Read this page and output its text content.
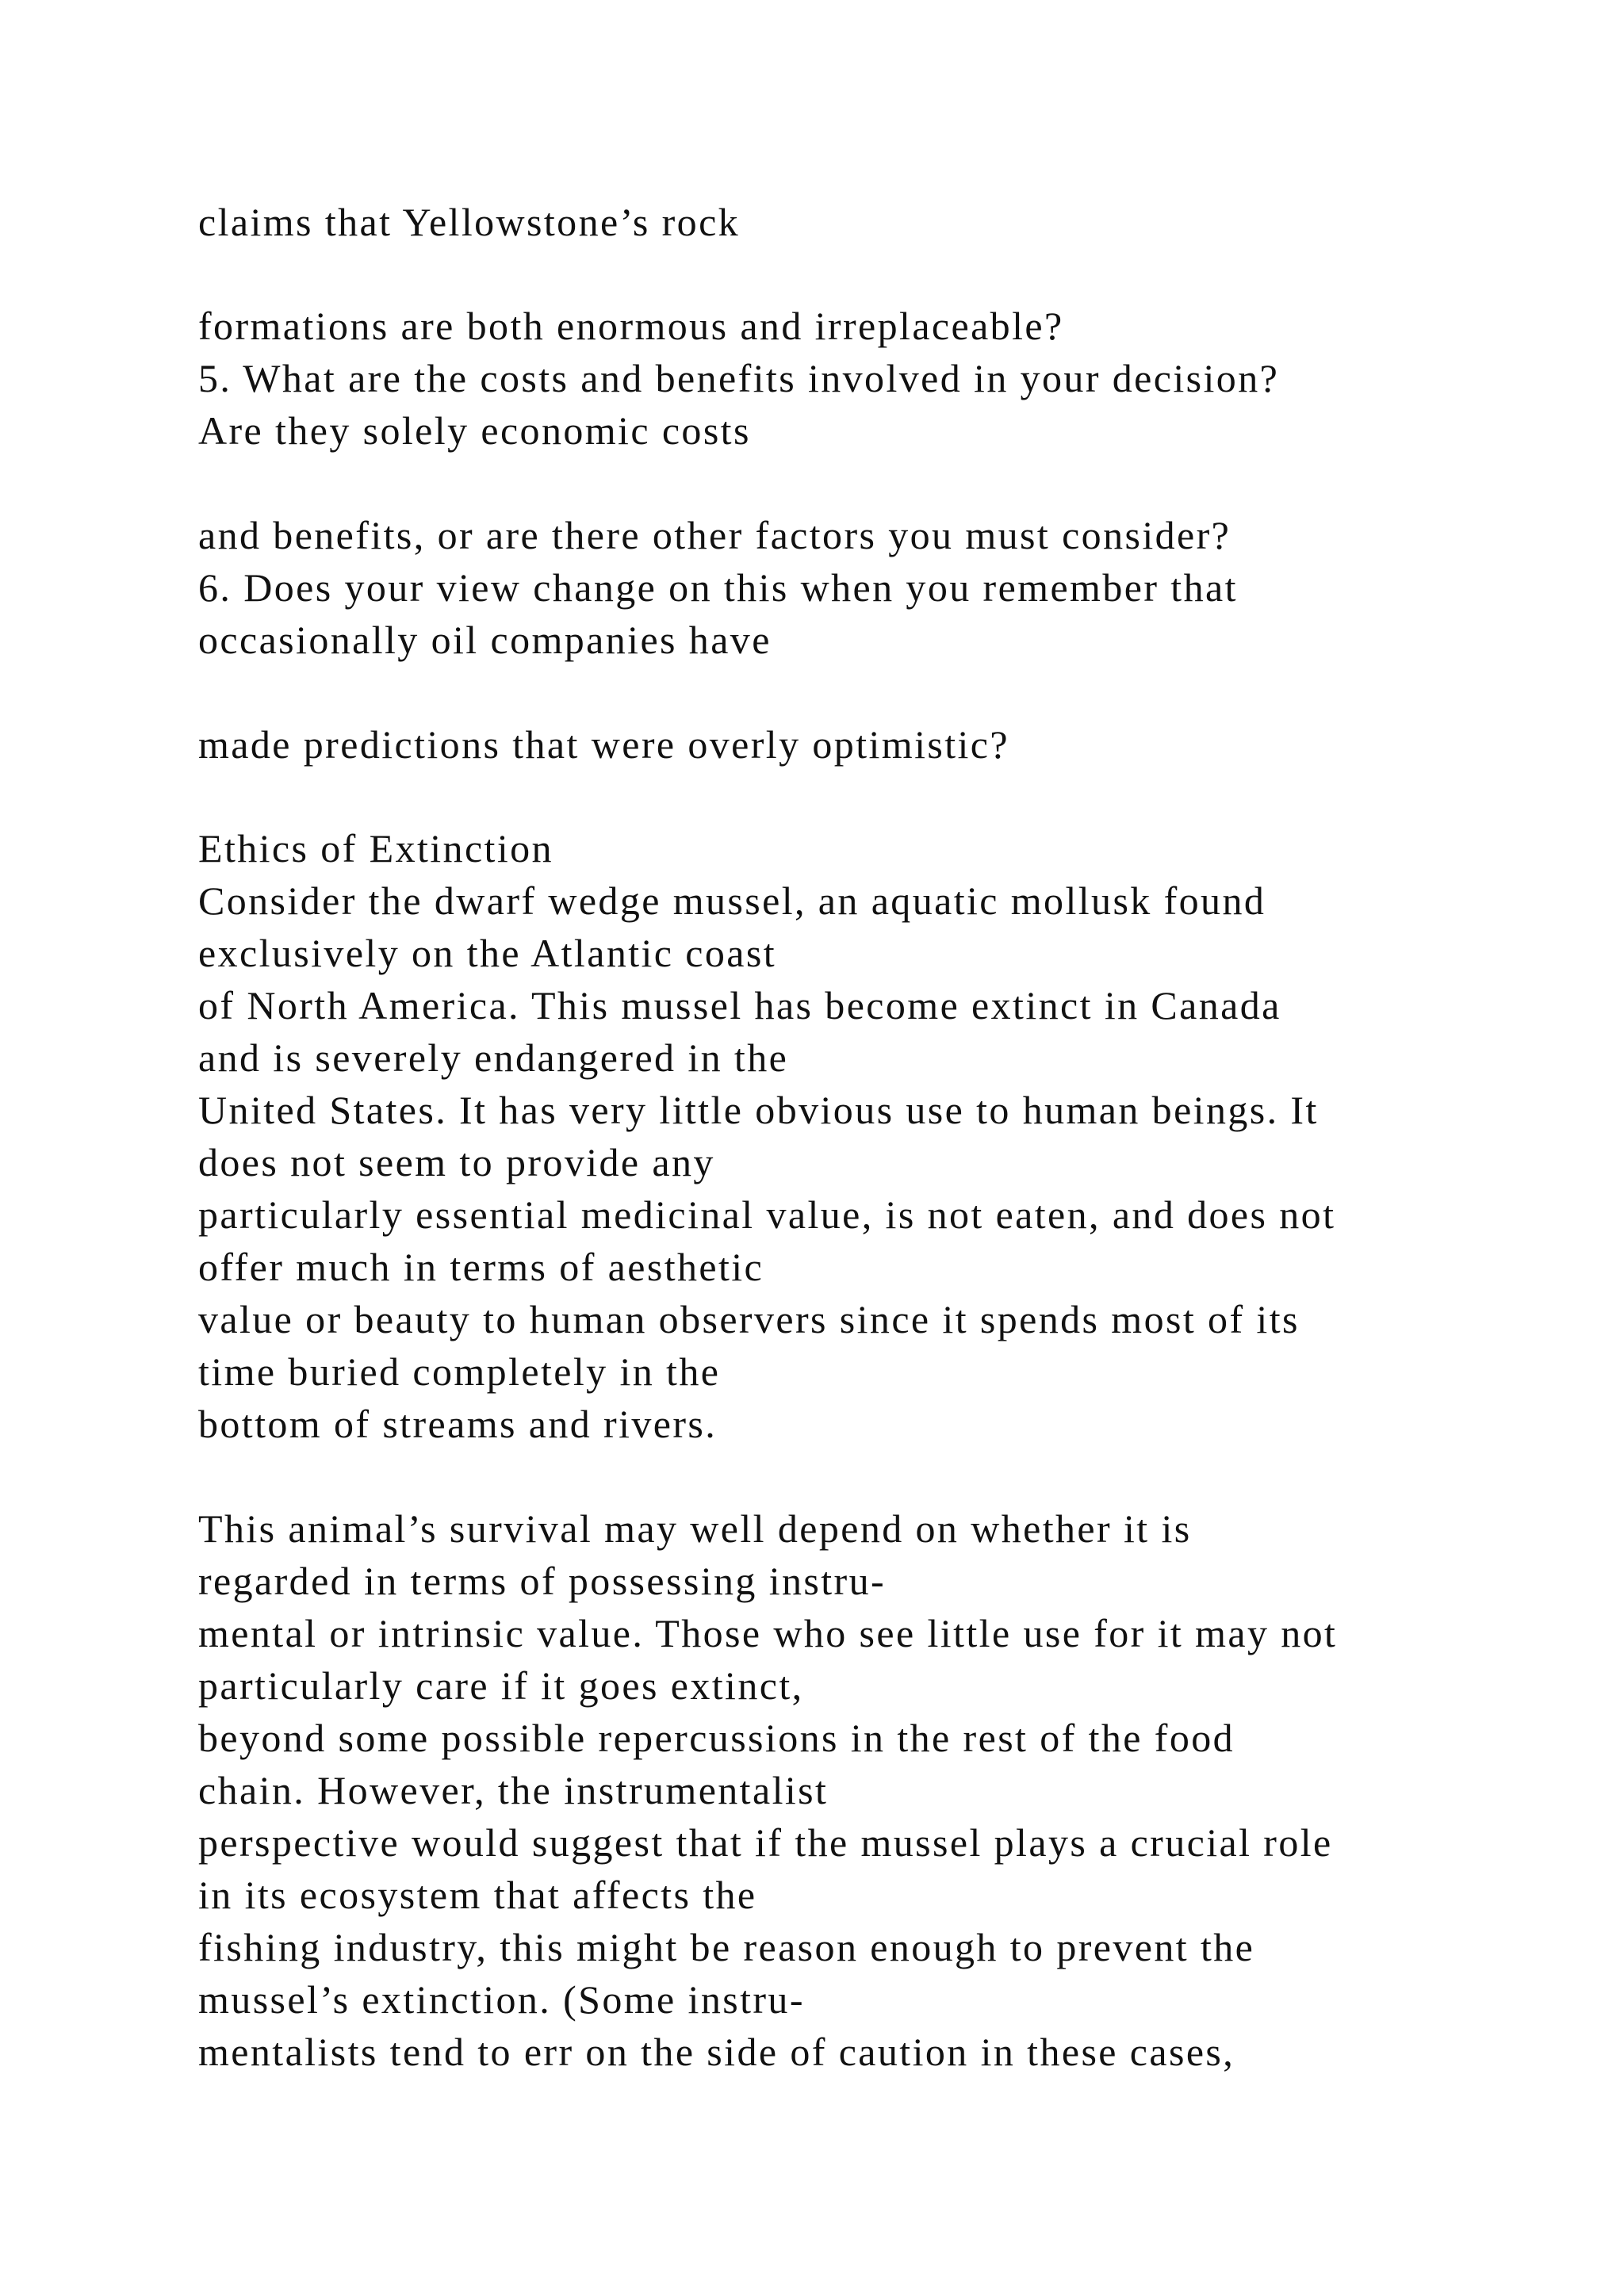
claims that Yellowstone’s rock

formations are both enormous and irreplaceable?

5. What are the costs and benefits involved in your decision?

Are they solely economic costs

and benefits, or are there other factors you must consider?

6. Does your view change on this when you remember that

occasionally oil companies have

made predictions that were overly optimistic?

Ethics of Extinction

Consider the dwarf wedge mussel, an aquatic mollusk found

exclusively on the Atlantic coast

of North America. This mussel has become extinct in Canada

and is severely endangered in the

United States. It has very little obvious use to human beings. It

does not seem to provide any

particularly essential medicinal value, is not eaten, and does not

offer much in terms of aesthetic

value or beauty to human observers since it spends most of its

time buried completely in the

bottom of streams and rivers.

This animal’s survival may well depend on whether it is

regarded in terms of possessing instru-

mental or intrinsic value. Those who see little use for it may not

particularly care if it goes extinct,

beyond some possible repercussions in the rest of the food

chain. However, the instrumentalist

perspective would suggest that if the mussel plays a crucial role

in its ecosystem that affects the

fishing industry, this might be reason enough to prevent the

mussel’s extinction. (Some instru-

mentalists tend to err on the side of caution in these cases,
